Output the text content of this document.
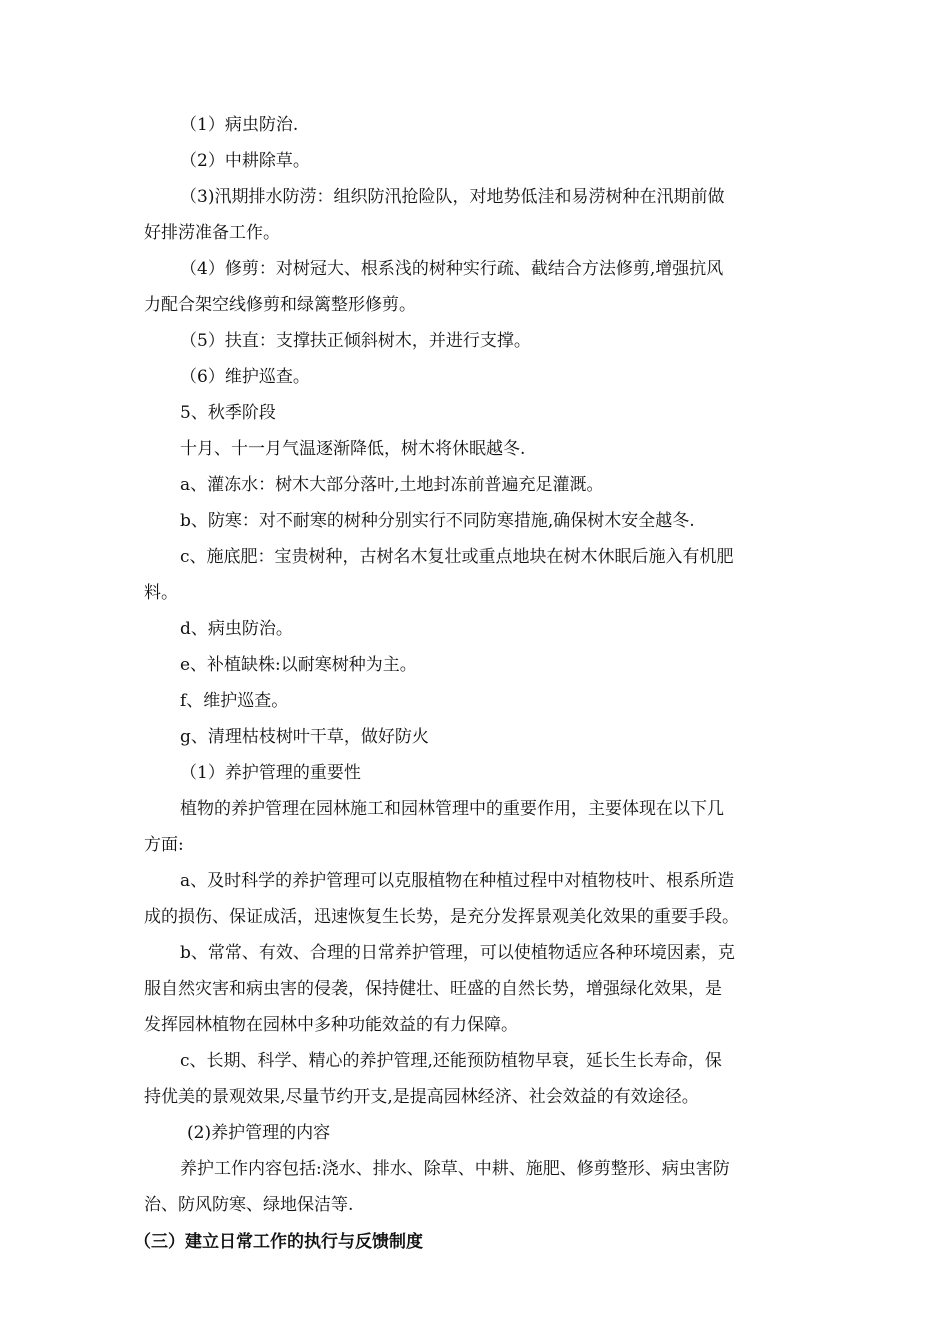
（1）病虫防治.
（2）中耕除草。
（3)汛期排水防涝：组织防汛抢险队，对地势低洼和易涝树种在汛期前做
好排涝准备工作。
（4）修剪：对树冠大、根系浅的树种实行疏、截结合方法修剪,增强抗风
力配合架空线修剪和绿篱整形修剪。
（5）扶直：支撑扶正倾斜树木，并进行支撑。
（6）维护巡查。
5、秋季阶段
十月、十一月气温逐渐降低，树木将休眠越冬.
a、灌冻水：树木大部分落叶,土地封冻前普遍充足灌溉。
b、防寒：对不耐寒的树种分别实行不同防寒措施,确保树木安全越冬.
c、施底肥：宝贵树种，古树名木复壮或重点地块在树木休眠后施入有机肥
料。
d、病虫防治。
e、补植缺株:以耐寒树种为主。
f、维护巡查。
g、清理枯枝树叶干草，做好防火
（1）养护管理的重要性
植物的养护管理在园林施工和园林管理中的重要作用，主要体现在以下几
方面:
a、及时科学的养护管理可以克服植物在种植过程中对植物枝叶、根系所造
成的损伤、保证成活，迅速恢复生长势，是充分发挥景观美化效果的重要手段。
b、常常、有效、合理的日常养护管理，可以使植物适应各种环境因素，克
服自然灾害和病虫害的侵袭，保持健壮、旺盛的自然长势，增强绿化效果，是
发挥园林植物在园林中多种功能效益的有力保障。
c、长期、科学、精心的养护管理,还能预防植物早衰，延长生长寿命，保
持优美的景观效果,尽量节约开支,是提高园林经济、社会效益的有效途径。
(2)养护管理的内容
养护工作内容包括:浇水、排水、除草、中耕、施肥、修剪整形、病虫害防
治、防风防寒、绿地保洁等.
（三）建立日常工作的执行与反馈制度
